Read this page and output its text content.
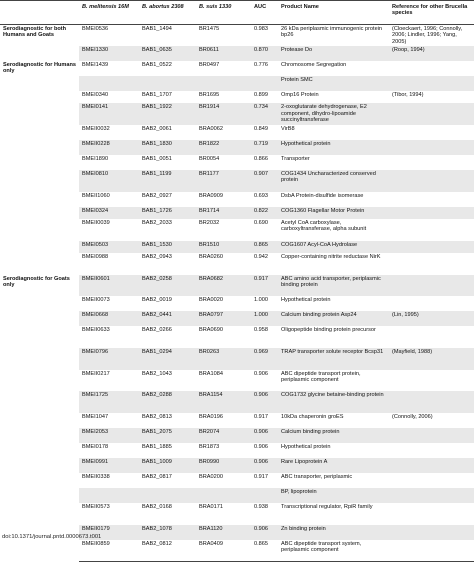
	B. melitensis 16M	B. abortus 2308	B. suis 1330	AUC	Product Name	Reference for other Brucella species
Serodiagnostic for both Humans and Goats	BMEI0536	BAB1_1494	BR1475	0.983	26 kDa periplasmic immunogenic protein bp26	(Cloeckaert, 1996; Connolly, 2006; Lindler, 1996; Yang, 2005)
	BMEI1330	BAB1_0635	BR0611	0.870	Protease Do	(Roop, 1994)
Serodiagnostic for Humans only	BMEI1439	BAB1_0522	BR0497	0.776	Chromosome Segregation	
					Protein SMC	
	BMEI0340	BAB1_1707	BR1695	0.899	Omp16 Protein	(Tibor, 1994)
	BMEI0141	BAB1_1922	BR1914	0.734	2-oxoglutarate dehydrogenase, E2 component, dihydro-lipoamide succinyltransferase	
	BMEII0032	BAB2_0061	BRA0062	0.849	VirB8	
	BMEII0228	BAB1_1830	BR1822	0.719	Hypothetical protein	
	BMEI1890	BAB1_0051	BR0054	0.866	Transporter	
	BMEI0810	BAB1_1199	BR1177	0.907	COG1434 Uncharacterized conserved protein	
	BMEII1060	BAB2_0927	BRA0909	0.693	DsbA Protein-disulfide isomerase	
	BMEI0324	BAB1_1726	BR1714	0.822	COG1360 Flagellar Motor Protein	
	BMEII0039	BAB2_2033	BR2032	0.690	Acetyl CoA carboxylase, carboxyltransferase, alpha subunit	
	BMEI0503	BAB1_1530	BR1510	0.865	COG1607 Acyl-CoA Hydrolase	
	BMEI0988	BAB2_0943	BRA0260	0.942	Copper-containing nitrite reductase NirK	
Serodiagnostic for Goats only	BMEII0601	BAB2_0258	BRA0682	0.917	ABC amino acid transporter, periplasmic binding protein	
	BMEII0073	BAB2_0019	BRA0020	1.000	Hypothetical protein	
	BMEI0668	BAB2_0441	BRA0797	1.000	Calcium binding protein Asp24	(Lin, 1995)
	BMEII0633	BAB2_0266	BRA0690	0.958	Oligopeptide binding protein precursor	
	BMEI0796	BAB1_0294	BR0263	0.969	TRAP transporter solute receptor Bcsp31	(Mayfield, 1988)
	BMEII0217	BAB2_1043	BRA1084	0.906	ABC dipeptide transport protein, periplasmic component	
	BMEI1725	BAB2_0288	BRA1154	0.906	COG1732 glycine betaine-binding protein	
	BMEI1047	BAB2_0813	BRA0196	0.917	10kDa chaperonin groES	(Connolly, 2006)
	BMEI2053	BAB1_2075	BR2074	0.906	Calcium binding protein	
	BMEI0178	BAB1_1885	BR1873	0.906	Hypothetical protein	
	BMEI0991	BAB1_1009	BR0990	0.906	Rare Lipoprotein A	
	BMEII0338	BAB2_0817	BRA0200	0.917	ABC transporter, periplasmic	
					BP, lipoprotein	
	BMEII0573	BAB2_0168	BRA0171	0.938	Transcriptional regulator, RpiR family	
	BMEII0179	BAB2_1078	BRA1120	0.906	Zn binding protein	
	BMEII0859	BAB2_0812	BRA0409	0.865	ABC dipeptide transport system, periplasmic component	
doi:10.1371/journal.pntd.0000673.t001
